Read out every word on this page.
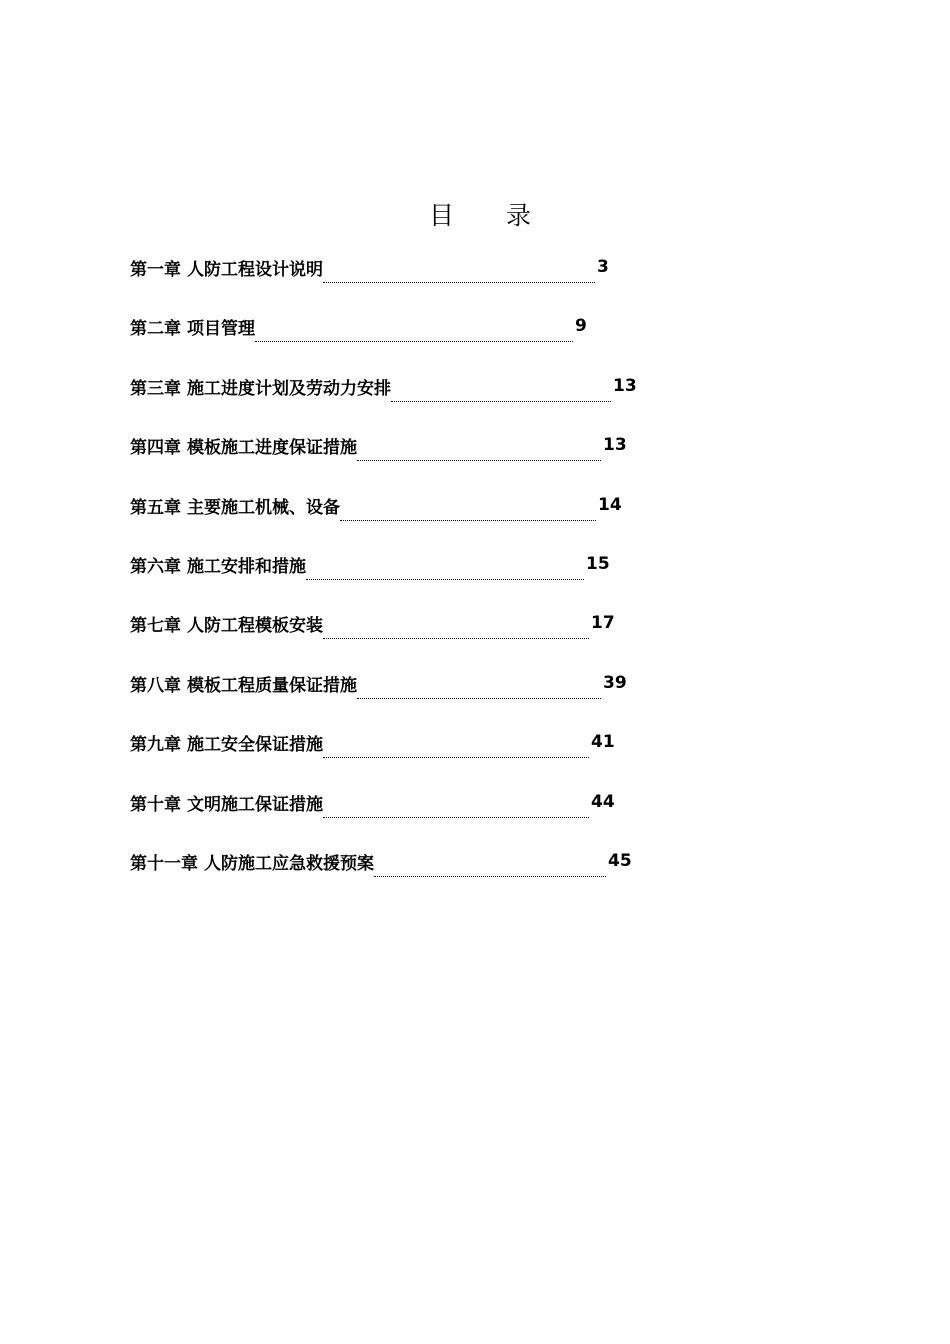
目 录
第一章 人防工程设计说明	3
第二章 项目管理	9
第三章 施工进度计划及劳动力安排	13
第四章 模板施工进度保证措施	13
第五章 主要施工机械、设备	14
第六章 施工安排和措施	15
第七章 人防工程模板安装	17
第八章 模板工程质量保证措施	39
第九章 施工安全保证措施	41
第十章 文明施工保证措施	44
第十一章 人防施工应急救援预案	45
